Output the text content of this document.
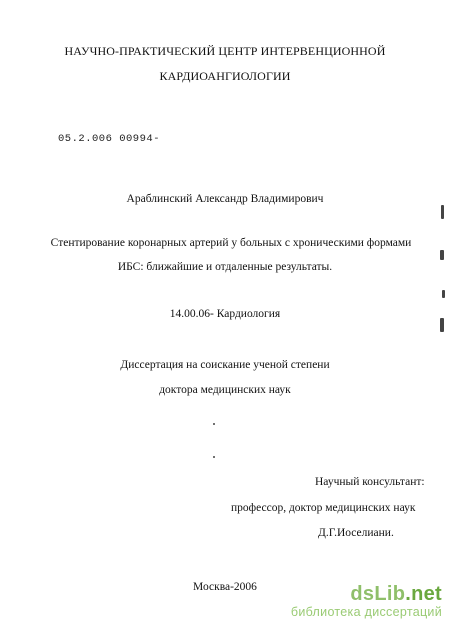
НАУЧНО-ПРАКТИЧЕСКИЙ ЦЕНТР ИНТЕРВЕНЦИОННОЙ
КАРДИОАНГИОЛОГИИ
05.2.006 00994-
Араблинский Александр Владимирович
Стентирование коронарных артерий у больных с хроническими формами
ИБС: ближайшие и отдаленные результаты.
14.00.06- Кардиология
Диссертация на соискание ученой степени
доктора медицинских наук
Научный консультант:
профессор, доктор медицинских наук
Д.Г.Иоселиани.
Москва-2006	dsLib.net
библиотека диссертаций
